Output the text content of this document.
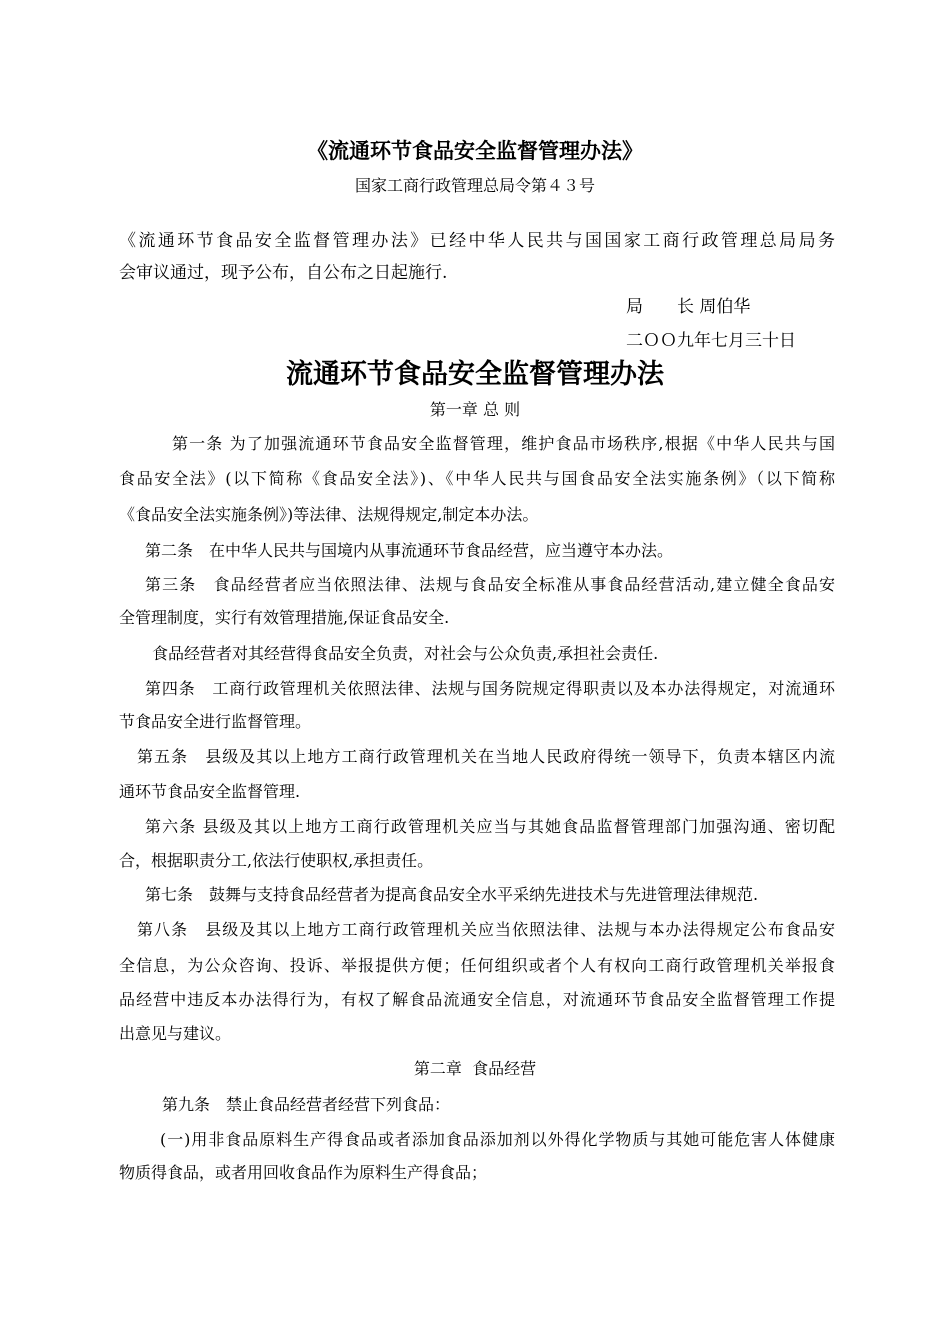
《流通环节食品安全监督管理办法》
国家工商行政管理总局令第４３号
《流通环节食品安全监督管理办法》已经中华人民共与国国家工商行政管理总局局务
会审议通过，现予公布，自公布之日起施行.
局　　长 周伯华
二ＯＯ九年七月三十日
流通环节食品安全监督管理办法
第一章 总 则
第一条 为了加强流通环节食品安全监督管理，维护食品市场秩序,根据《中华人民共与国
食品安全法》(以下简称《食品安全法》)、《中华人民共与国食品安全法实施条例》（以下简称
《食品安全法实施条例》)等法律、法规得规定,制定本办法。
第二条　在中华人民共与国境内从事流通环节食品经营，应当遵守本办法。
第三条　食品经营者应当依照法律、法规与食品安全标准从事食品经营活动,建立健全食品安
全管理制度，实行有效管理措施,保证食品安全.
食品经营者对其经营得食品安全负责，对社会与公众负责,承担社会责任.
第四条　工商行政管理机关依照法律、法规与国务院规定得职责以及本办法得规定，对流通环
节食品安全进行监督管理。
第五条　县级及其以上地方工商行政管理机关在当地人民政府得统一领导下，负责本辖区内流
通环节食品安全监督管理.
第六条 县级及其以上地方工商行政管理机关应当与其她食品监督管理部门加强沟通、密切配
合，根据职责分工,依法行使职权,承担责任。
第七条　鼓舞与支持食品经营者为提高食品安全水平采纳先进技术与先进管理法律规范.
第八条　县级及其以上地方工商行政管理机关应当依照法律、法规与本办法得规定公布食品安
全信息，为公众咨询、投诉、举报提供方便；任何组织或者个人有权向工商行政管理机关举报食
品经营中违反本办法得行为，有权了解食品流通安全信息，对流通环节食品安全监督管理工作提
出意见与建议。
第二章  食品经营
第九条　禁止食品经营者经营下列食品：
(一)用非食品原料生产得食品或者添加食品添加剂以外得化学物质与其她可能危害人体健康
物质得食品，或者用回收食品作为原料生产得食品；
